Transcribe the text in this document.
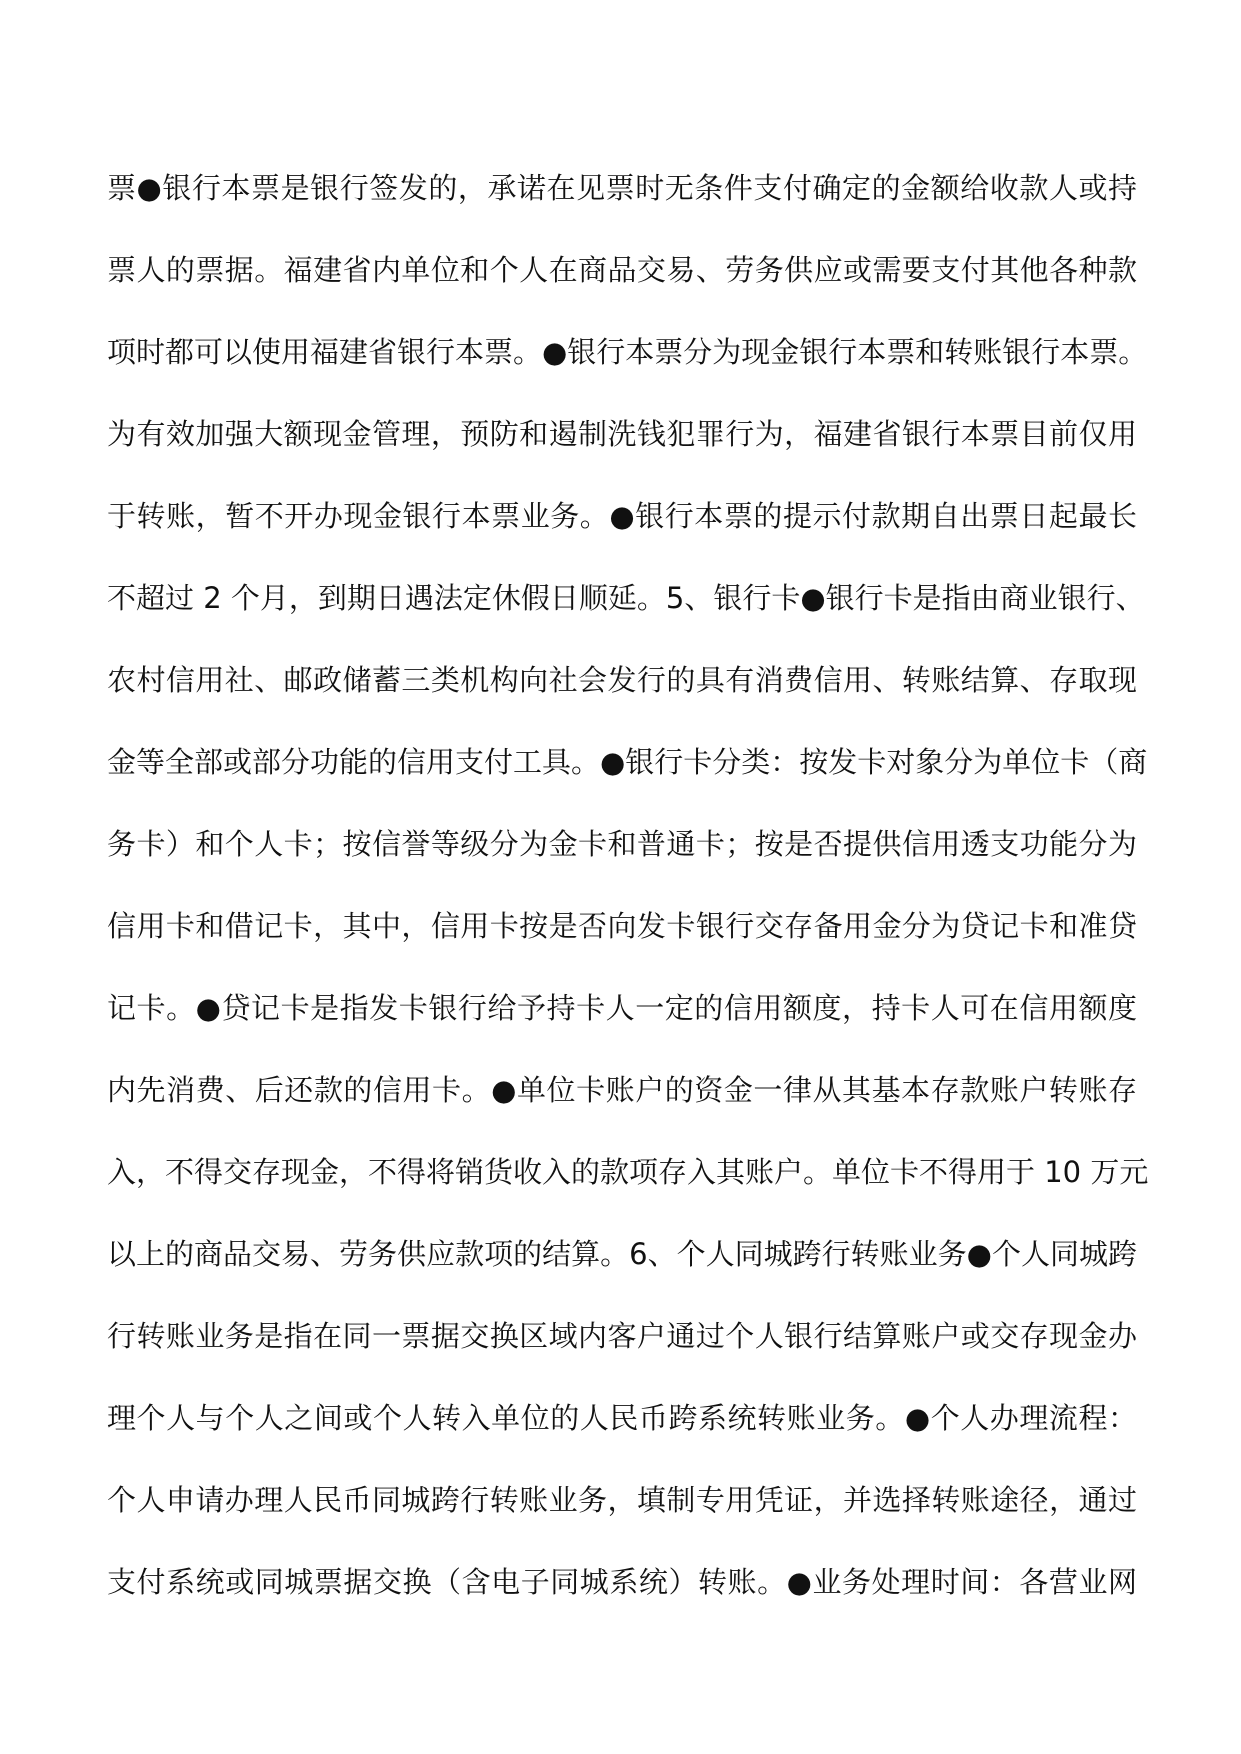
票●银行本票是银行签发的，承诺在见票时无条件支付确定的金额给收款人或持
票人的票据。福建省内单位和个人在商品交易、劳务供应或需要支付其他各种款
项时都可以使用福建省银行本票。●银行本票分为现金银行本票和转账银行本票。
为有效加强大额现金管理，预防和遏制洗钱犯罪行为，福建省银行本票目前仅用
于转账，暂不开办现金银行本票业务。●银行本票的提示付款期自出票日起最长
不超过 2 个月，到期日遇法定休假日顺延。5、银行卡●银行卡是指由商业银行、
农村信用社、邮政储蓄三类机构向社会发行的具有消费信用、转账结算、存取现
金等全部或部分功能的信用支付工具。●银行卡分类：按发卡对象分为单位卡（商
务卡）和个人卡；按信誉等级分为金卡和普通卡；按是否提供信用透支功能分为
信用卡和借记卡，其中，信用卡按是否向发卡银行交存备用金分为贷记卡和准贷
记卡。●贷记卡是指发卡银行给予持卡人一定的信用额度，持卡人可在信用额度
内先消费、后还款的信用卡。●单位卡账户的资金一律从其基本存款账户转账存
入，不得交存现金，不得将销货收入的款项存入其账户。单位卡不得用于 10 万元
以上的商品交易、劳务供应款项的结算。6、个人同城跨行转账业务●个人同城跨
行转账业务是指在同一票据交换区域内客户通过个人银行结算账户或交存现金办
理个人与个人之间或个人转入单位的人民币跨系统转账业务。●个人办理流程：
个人申请办理人民币同城跨行转账业务，填制专用凭证，并选择转账途径，通过
支付系统或同城票据交换（含电子同城系统）转账。●业务处理时间：各营业网
